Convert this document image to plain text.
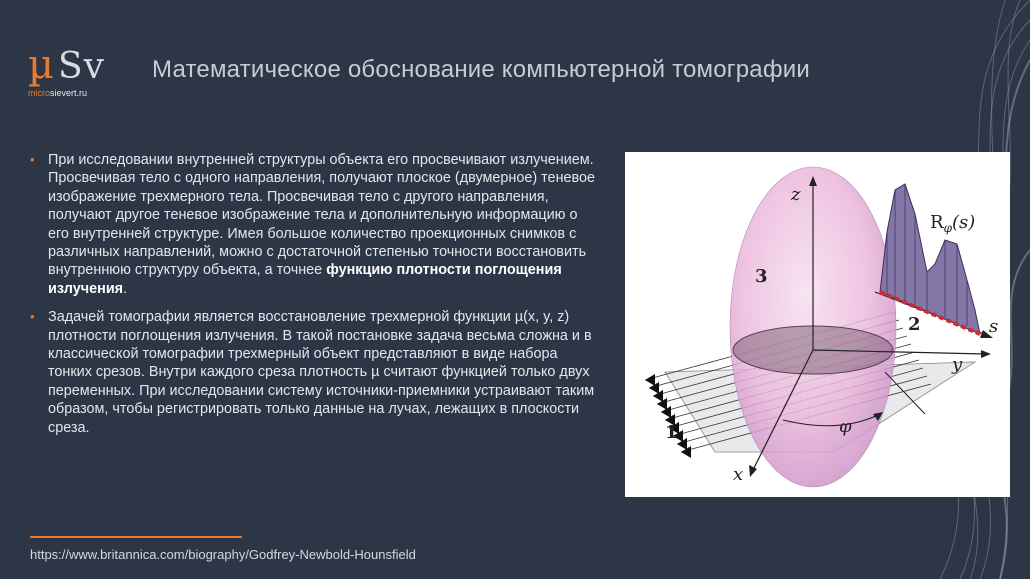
µ Sv
microsievert.ru
Математическое обоснование компьютерной томографии
• При исследовании внутренней структуры объекта его просвечивают излучением. Просвечивая тело с одного направления, получают плоское (двумерное) теневое изображение трехмерного тела. Просвечивая тело с другого направления, получают другое теневое изображение тела и дополнительную информацию о его внутренней структуре. Имея большое количество проекционных снимков с различных направлений, можно с достаточной степенью точности восстановить внутреннюю структуру объекта, а точнее функцию плотности поглощения излучения.
• Задачей томографии является восстановление трехмерной функции µ(x, y, z) плотности поглощения излучения. В такой постановке задача весьма сложна и в классической томографии трехмерный объект представляют в виде набора тонких срезов. Внутри каждого среза плотность µ считают функцией только двух переменных. При исследовании систему источники-приемники устраивают таким образом, чтобы регистрировать только данные на лучах, лежащих в плоскости среза.
z
y
x
s
1
2
3
φ
$R_\varphi(s)$
https://www.britannica.com/biography/Godfrey-Newbold-Hounsfield
